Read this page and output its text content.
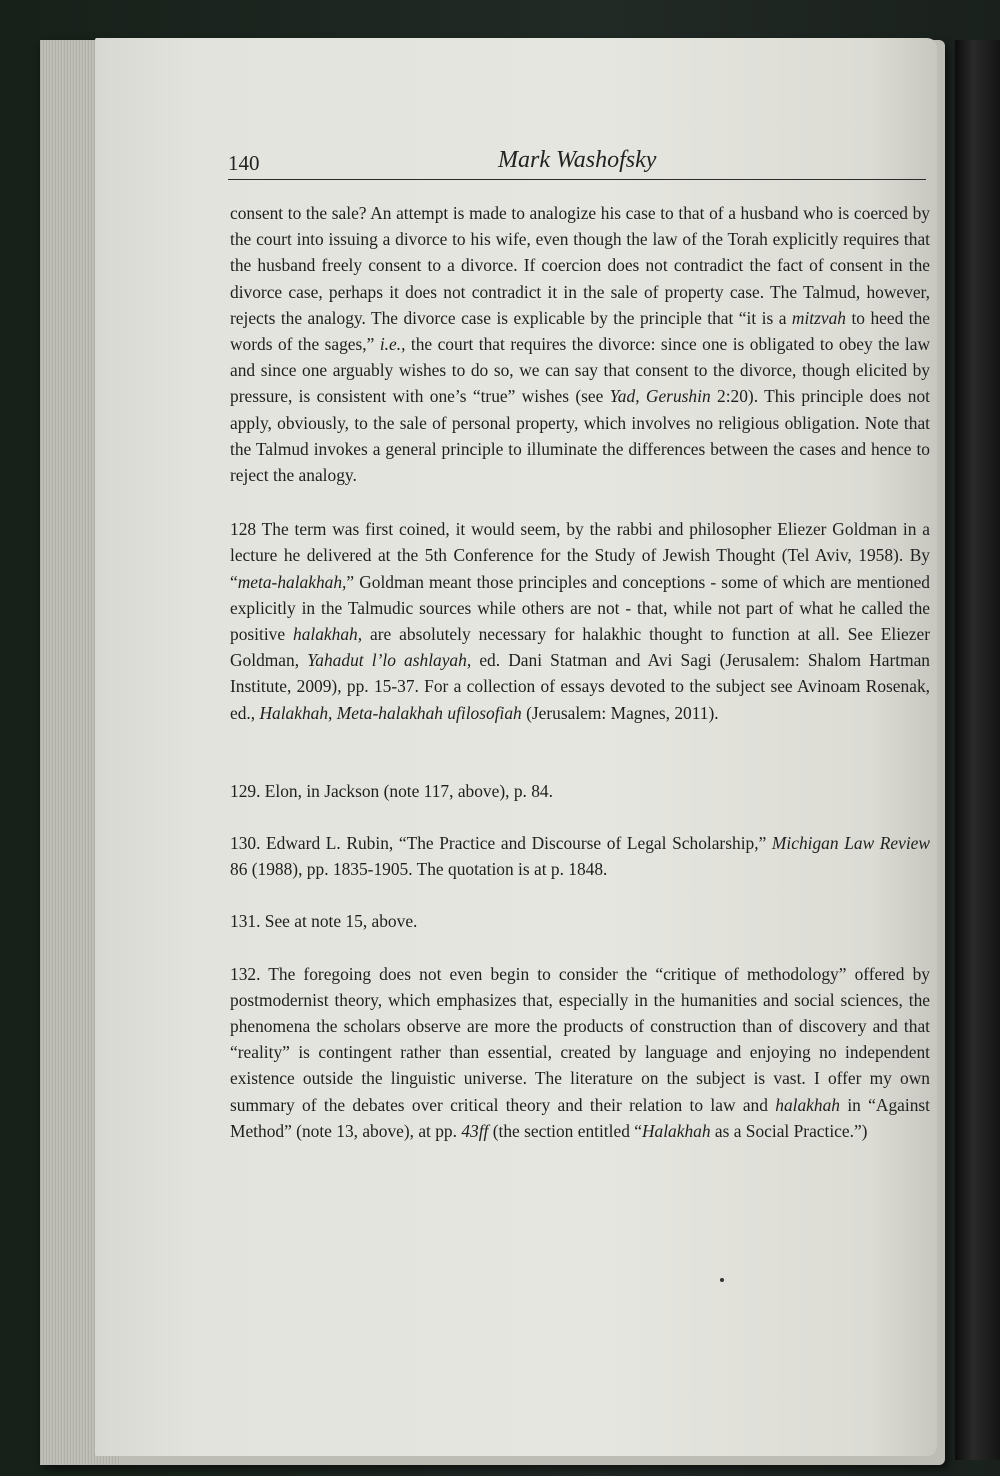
140	Mark Washofsky

consent to the sale? An attempt is made to analogize his case to that of a husband who is coerced by the court into issuing a divorce to his wife, even though the law of the Torah explicitly requires that the husband freely consent to a divorce. If coercion does not contradict the fact of consent in the divorce case, perhaps it does not contradict it in the sale of property case. The Talmud, however, rejects the analogy. The divorce case is explicable by the principle that “it is a mitzvah to heed the words of the sages,” i.e., the court that requires the divorce: since one is obligated to obey the law and since one arguably wishes to do so, we can say that consent to the divorce, though elicited by pressure, is consistent with one’s “true” wishes (see Yad, Gerushin 2:20). This principle does not apply, obviously, to the sale of personal property, which involves no religious obligation. Note that the Talmud invokes a general principle to illuminate the differences between the cases and hence to reject the analogy.

128 The term was first coined, it would seem, by the rabbi and philosopher Eliezer Goldman in a lecture he delivered at the 5th Conference for the Study of Jewish Thought (Tel Aviv, 1958). By “meta-halakhah,” Goldman meant those principles and conceptions - some of which are mentioned explicitly in the Talmudic sources while others are not - that, while not part of what he called the positive halakhah, are absolutely necessary for halakhic thought to function at all. See Eliezer Goldman, Yahadut l’lo ashlayah, ed. Dani Statman and Avi Sagi (Jerusalem: Shalom Hartman Institute, 2009), pp. 15-37. For a collection of essays devoted to the subject see Avinoam Rosenak, ed., Halakhah, Meta-halakhah ufilosofiah (Jerusalem: Magnes, 2011).

129. Elon, in Jackson (note 117, above), p. 84.

130. Edward L. Rubin, “The Practice and Discourse of Legal Scholarship,” Michigan Law Review 86 (1988), pp. 1835-1905. The quotation is at p. 1848.

131. See at note 15, above.

132. The foregoing does not even begin to consider the “critique of methodology” offered by postmodernist theory, which emphasizes that, especially in the humanities and social sciences, the phenomena the scholars observe are more the products of construction than of discovery and that “reality” is contingent rather than essential, created by language and enjoying no independent existence outside the linguistic universe. The literature on the subject is vast. I offer my own summary of the debates over critical theory and their relation to law and halakhah in “Against Method” (note 13, above), at pp. 43ff (the section entitled “Halakhah as a Social Practice.”)
